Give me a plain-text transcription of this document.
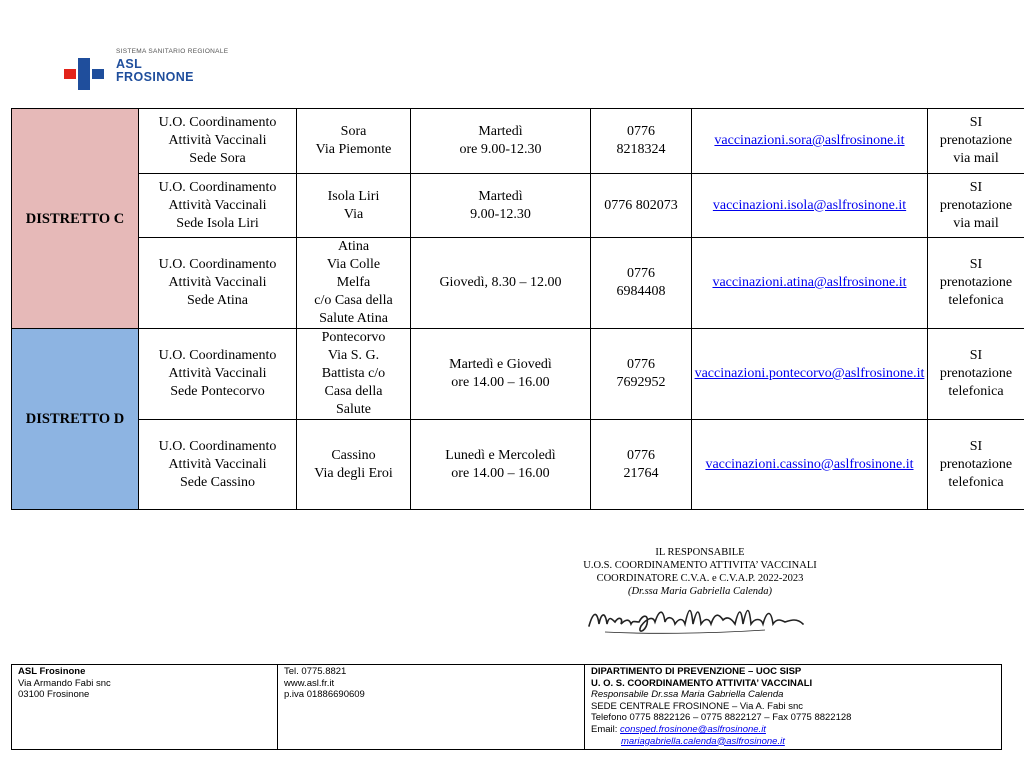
SISTEMA SANITARIO REGIONALE
ASL
FROSINONE
DISTRETTO C	U.O. Coordinamento
Attività Vaccinali
Sede Sora	Sora
Via Piemonte	Martedì
ore 9.00-12.30	0776
8218324	vaccinazioni.sora@aslfrosinone.it	SI
prenotazione
via mail
	U.O. Coordinamento
Attività Vaccinali
Sede Isola Liri	Isola Liri
Via	Martedì
9.00-12.30	0776 802073	vaccinazioni.isola@aslfrosinone.it	SI
prenotazione
via mail
	U.O. Coordinamento
Attività Vaccinali
Sede Atina	Atina
Via Colle
Melfa
c/o Casa della
Salute Atina	Giovedì, 8.30 – 12.00	0776
6984408	vaccinazioni.atina@aslfrosinone.it	SI
prenotazione
telefonica
DISTRETTO D	U.O. Coordinamento
Attività Vaccinali
Sede Pontecorvo	Pontecorvo
Via S. G.
Battista c/o
Casa della
Salute	Martedì e Giovedì
ore 14.00 – 16.00	0776
7692952	vaccinazioni.pontecorvo@aslfrosinone.it	SI
prenotazione
telefonica
	U.O. Coordinamento
Attività Vaccinali
Sede Cassino	Cassino
Via degli Eroi	Lunedì e Mercoledì
ore 14.00 – 16.00	0776
21764	vaccinazioni.cassino@aslfrosinone.it	SI
prenotazione
telefonica
IL RESPONSABILE
U.O.S. COORDINAMENTO ATTIVITA’ VACCINALI
COORDINATORE C.V.A. e C.V.A.P. 2022-2023
(Dr.ssa Maria Gabriella Calenda)
ASL Frosinone
Via Armando Fabi snc
03100 Frosinone

Tel. 0775.8821
www.asl.fr.it
p.iva 01886690609

DIPARTIMENTO DI PREVENZIONE – UOC SISP
U. O. S. COORDINAMENTO ATTIVITA’ VACCINALI
Responsabile Dr.ssa Maria Gabriella Calenda
SEDE CENTRALE FROSINONE – Via A. Fabi snc
Telefono 0775 8822126 – 0775 8822127 – Fax 0775 8822128
Email: consped.frosinone@aslfrosinone.it
mariagabriella.calenda@aslfrosinone.it
